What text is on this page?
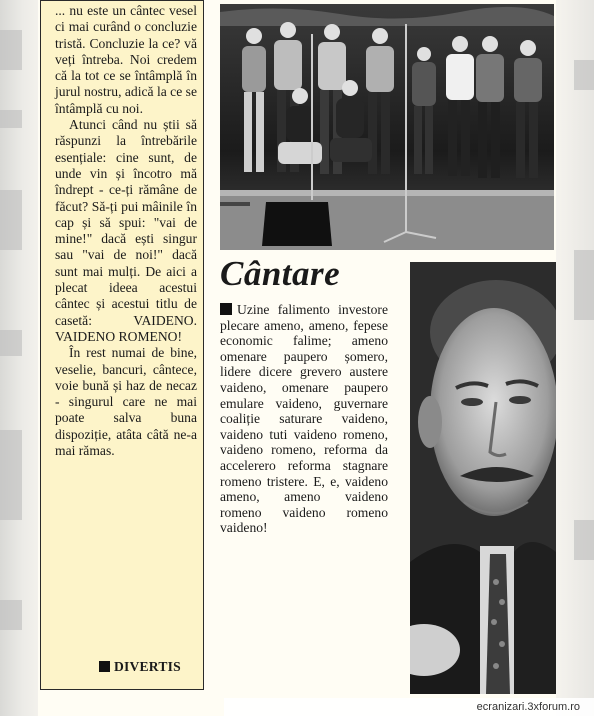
... nu este un cântec vesel ci mai curând o concluzie tristă. Concluzie la ce? vă veți întreba. Noi credem că la tot ce se întâmplă în jurul nostru, adică la ce se întâmplă cu noi.

Atunci când nu știi să răspunzi la întrebările esențiale: cine sunt, de unde vin și încotro mă îndrept - ce-ți rămâne de făcut? Să-ți pui mâinile în cap și să spui: "vai de mine!" dacă ești singur sau "vai de noi!" dacă sunt mai mulți. De aici a plecat ideea acestui cântec și acestui titlu de casetă: VAIDENO. VAIDENO ROMENO!

În rest numai de bine, veselie, bancuri, cântece, voie bună și haz de necaz - singurul care ne mai poate salva buna dispoziție, atâta câtă ne-a mai rămas.

DIVERTIS
Cântare
Uzine falimento investore plecare ameno, ameno, fepese economic falime; ameno omenare paupero șomero, lidere dicere grevero austere vaideno, omenare paupero emulare vaideno, guvernare coaliție saturare vaideno, vaideno tuti vaideno romeno, vaideno romeno, reforma da accelerero reforma stagnare romeno tristere. E, e, vaideno ameno, ameno vaideno romeno vaideno romeno vaideno!
ecranizari.3xforum.ro
